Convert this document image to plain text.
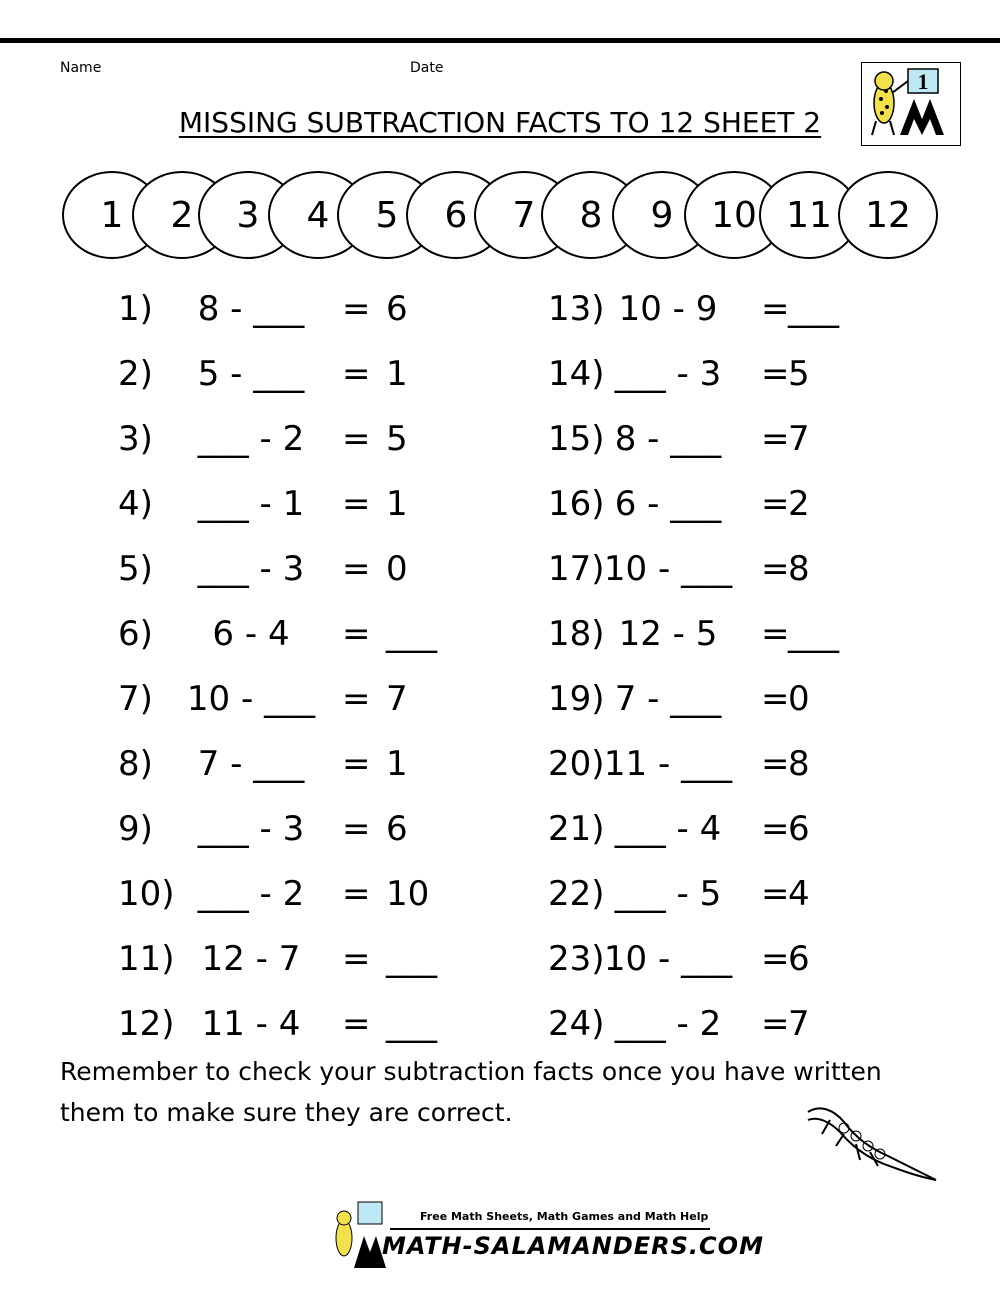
Name	Date
MISSING SUBTRACTION FACTS TO 12 SHEET 2
1
1	2	3	4	5	6	7	8	9	10 11 12
1) 8 - ___ = 6
2) 5 - ___ = 1
3) ___ - 2 = 5
4) ___ - 1 = 1
5) ___ - 3 = 0
6) 6 - 4 = ___
7) 10 - ___ = 7
8) 7 - ___ = 1
9) ___ - 3 = 6
10) ___ - 2 = 10
11) 12 - 7 = ___
12) 11 - 4 = ___
13) 10 - 9 =
___
14) ___ - 3 =
5
15) 8 - ___ =
7
16) 6 - ___ =
2
17) 10 - ___ =
8
18) 12 - 5 =
___
19) 7 - ___ =
0
20) 11 - ___ =
8
21) ___ - 4 =
6
22) ___ - 5 =
4
23) 10 - ___ =
6
24) ___ - 2 =
7
Remember to check your subtraction facts once you have written them to make sure they are correct.
Free Math Sheets, Math Games and Math Help
MATH-SALAMANDERS.COM
